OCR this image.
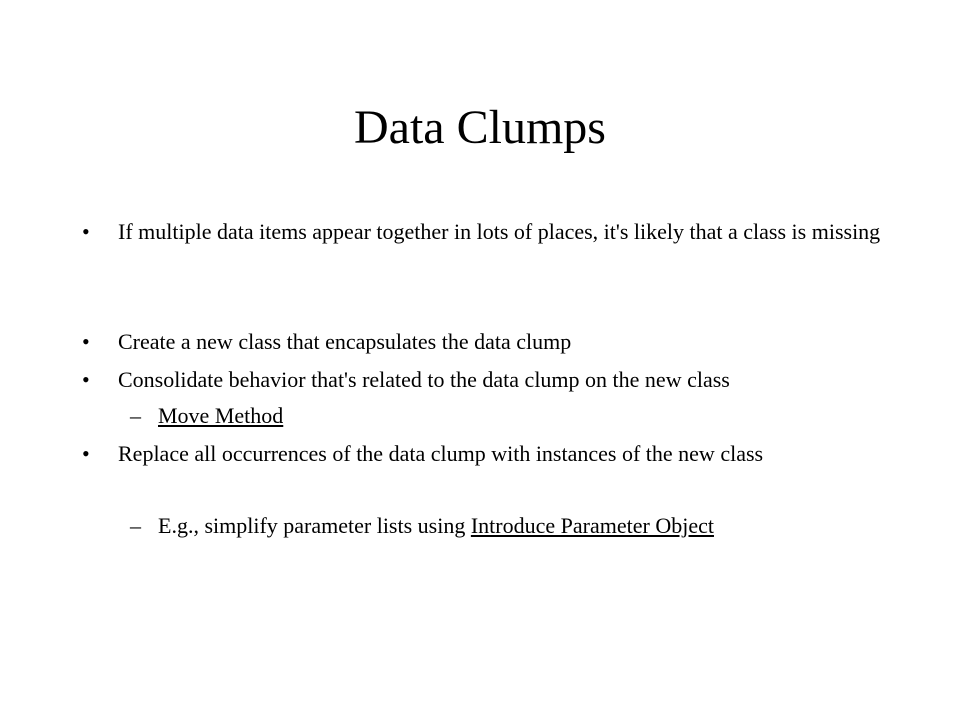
Data Clumps
•	If multiple data items appear together in lots of places, it's likely that a class is missing
•	Create a new class that encapsulates the data clump
•	Consolidate behavior that's related to the data clump on the new class
– Move Method
•	Replace all occurrences of the data clump with instances of the new class
– E.g., simplify parameter lists using Introduce Parameter Object
